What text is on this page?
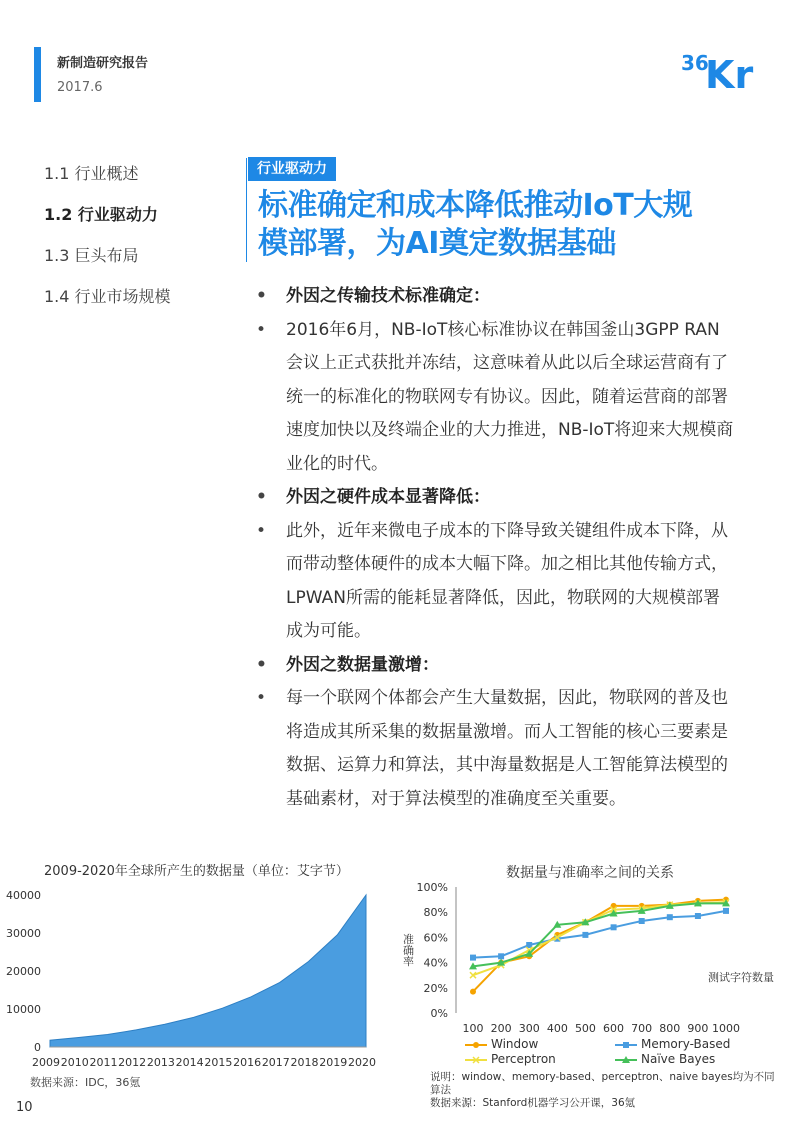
新制造研究报告
2017.6
36
Kr
1.1 行业概述
1.2 行业驱动力
1.3 巨头布局
1.4 行业市场规模
行业驱动力
标准确定和成本降低推动IoT大规
模部署，为AI奠定数据基础
• 外因之传输技术标准确定：
• 2016年6月，NB-IoT核心标准协议在韩国釜山3GPP RAN会议上正式获批并冻结，这意味着从此以后全球运营商有了统一的标准化的物联网专有协议。因此，随着运营商的部署速度加快以及终端企业的大力推进，NB-IoT将迎来大规模商业化的时代。
• 外因之硬件成本显著降低：
• 此外，近年来微电子成本的下降导致关键组件成本下降，从而带动整体硬件的成本大幅下降。加之相比其他传输方式，LPWAN所需的能耗显著降低，因此，物联网的大规模部署成为可能。
• 外因之数据量激增：
• 每一个联网个体都会产生大量数据，因此，物联网的普及也将造成其所采集的数据量激增。而人工智能的核心三要素是数据、运算力和算法，其中海量数据是人工智能算法模型的基础素材，对于算法模型的准确度至关重要。
2009-2020年全球所产生的数据量（单位：艾字节）
0
10000
20000
30000
40000
2009 2010 2011 2012 2013 2014 2015 2016 2017 2018 2019 2020
数据来源：IDC，36氪
数据量与准确率之间的关系
0%
20%
40%
60%
80%
100%
准确率
测试字符数量
100 200 300 400 500 600 700 800 900 1000
Window	Memory-Based
Perceptron	Naïve Bayes
说明：window、memory-based、perceptron、naive bayes均为不同算法
数据来源：Stanford机器学习公开课，36氪
10
